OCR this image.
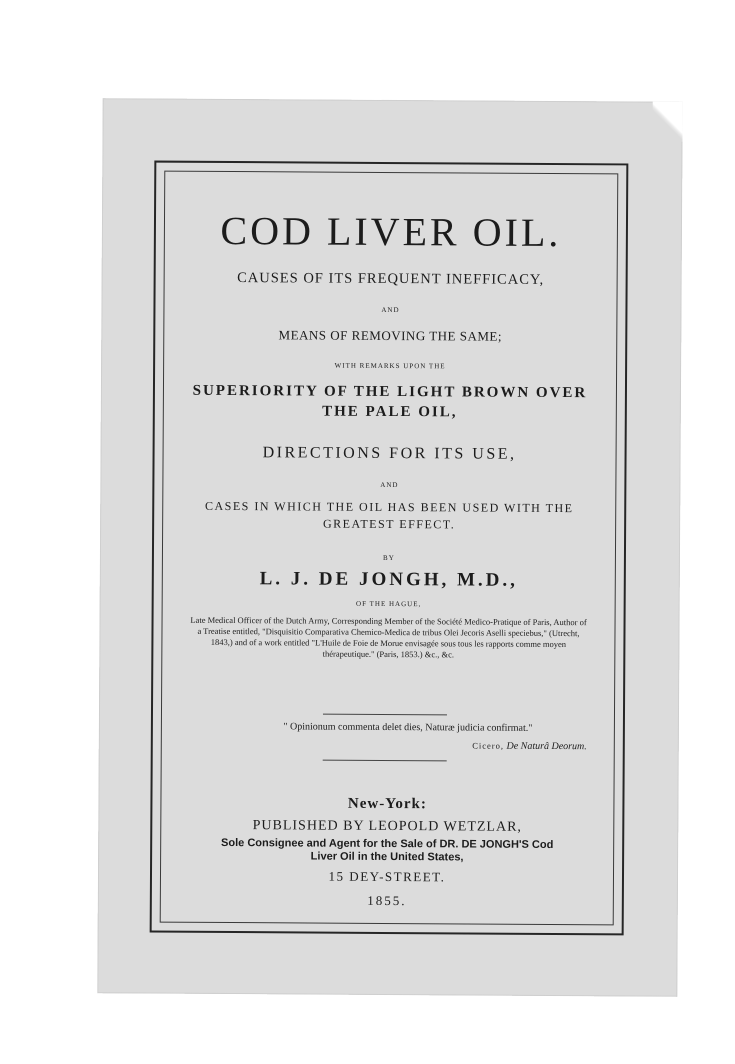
COD LIVER OIL.
CAUSES OF ITS FREQUENT INEFFICACY,
AND
MEANS OF REMOVING THE SAME;
WITH REMARKS UPON THE
SUPERIORITY OF THE LIGHT BROWN OVER THE PALE OIL,
DIRECTIONS FOR ITS USE,
AND
CASES IN WHICH THE OIL HAS BEEN USED WITH THE GREATEST EFFECT.
BY
L. J. DE JONGH, M.D.,
OF THE HAGUE,
Late Medical Officer of the Dutch Army, Corresponding Member of the Société Medico-Pratique of Paris, Author of a Treatise entitled, "Disquisitio Comparativa Chemico-Medica de tribus Olei Jecoris Aselli speciebus," (Utrecht, 1843,) and of a work entitled "L'Huile de Foie de Morue envisagée sous tous les rapports comme moyen thérapeutique." (Paris, 1853.) &c., &c.
" Opinionum commenta delet dies, Naturæ judicia confirmat."
Cicero, De Naturâ Deorum.
New-York:
PUBLISHED BY LEOPOLD WETZLAR,
Sole Consignee and Agent for the Sale of DR. DE JONGH'S Cod Liver Oil in the United States,
15 DEY-STREET.
1855.
